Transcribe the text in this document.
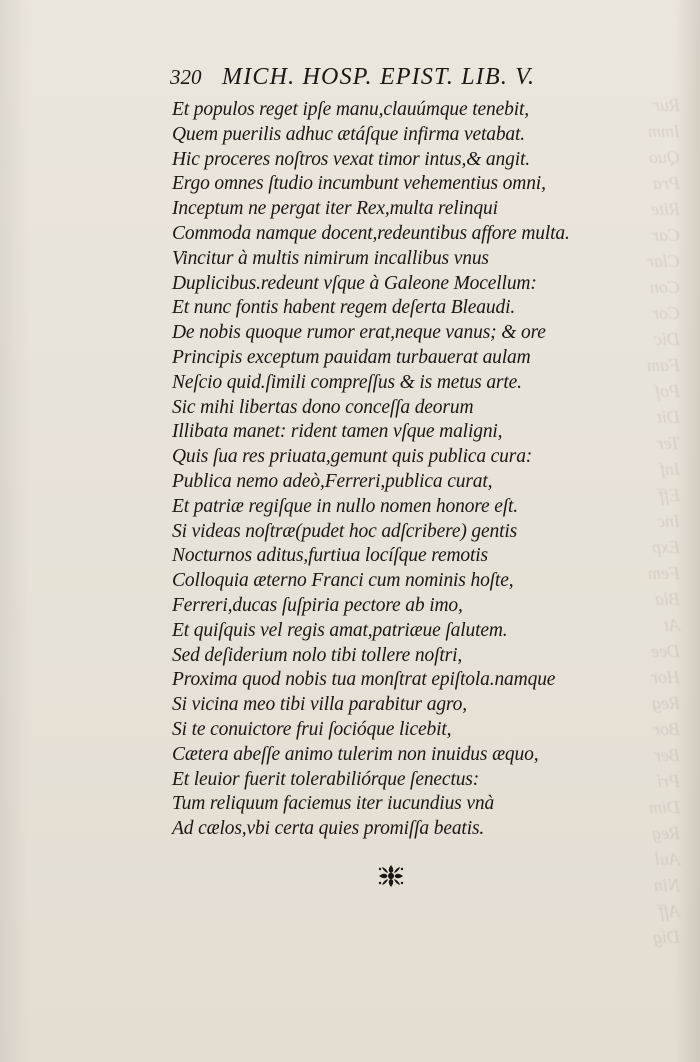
Rur
Imm
Quo
Pra
Rite
Car
Clar
Con
Cor
Dic
Fam
Pof
Dit
Ter
Inf
Eff
Inc
Exp
Fem
Bla
At
Dee
Hor
Reg
Bor
Ber
Pri
Dim
Reg
Aul
Nin
Aff
Dig
320 MICH. HOSP. EPIST. LIB. V.
Et populos reget ipſe manu,clauúmque tenebit,
Quem puerilis adhuc ætáſque infirma vetabat.
Hic proceres noſtros vexat timor intus,& angit.
Ergo omnes ſtudio incumbunt vehementius omni,
Inceptum ne pergat iter Rex,multa relinqui
Commoda namque docent,redeuntibus affore multa.
Vincitur à multis nimirum incallibus vnus
Duplicibus.redeunt vſque à Galeone Mocellum:
Et nunc fontis habent regem deſerta Bleaudi.
De nobis quoque rumor erat,neque vanus; & ore
Principis exceptum pauidam turbauerat aulam
Neſcio quid.ſimili compreſſus & is metus arte.
Sic mihi libertas dono conceſſa deorum
Illibata manet: rident tamen vſque maligni,
Quis ſua res priuata,gemunt quis publica cura:
Publica nemo adeò,Ferreri,publica curat,
Et patriæ regiſque in nullo nomen honore eſt.
Si videas noſtræ(pudet hoc adſcribere) gentis
Nocturnos aditus,furtiua locíſque remotis
Colloquia æterno Franci cum nominis hoſte,
Ferreri,ducas ſuſpiria pectore ab imo,
Et quiſquis vel regis amat,patriæue ſalutem.
Sed deſiderium nolo tibi tollere noſtri,
Proxima quod nobis tua monſtrat epiſtola.namque
Si vicina meo tibi villa parabitur agro,
Si te conuictore frui ſocióque licebit,
Cætera abeſſe animo tulerim non inuidus æquo,
Et leuior fuerit tolerabiliórque ſenectus:
Tum reliquum faciemus iter iucundius vnà
Ad cælos,vbi certa quies promiſſa beatis.
